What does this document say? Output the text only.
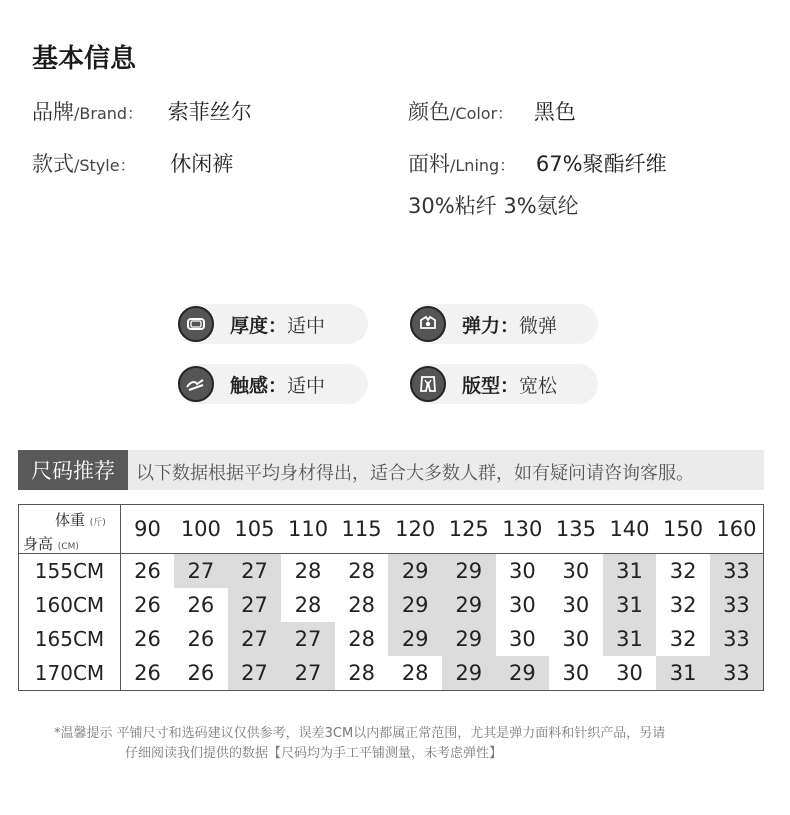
基本信息
品牌/Brand： 索菲丝尔	颜色/Color： 黑色
款式/Style： 休闲裤	面料/Lning： 67%聚酯纤维
30%粘纤 3%氨纶
厚度： 适中	弹力： 微弹
触感： 适中	版型： 宽松
尺码推荐	以下数据根据平均身材得出，适合大多数人群，如有疑问请咨询客服。
体重 (斤)
身高 (CM)	90	100	105	110	115	120	125	130	135	140	150	160
155CM	26	27	27	28	28	29	29	30	30	31	32	33
160CM	26	26	27	28	28	29	29	30	30	31	32	33
165CM	26	26	27	27	28	29	29	30	30	31	32	33
170CM	26	26	27	27	28	28	29	29	30	30	31	33
*温馨提示 平铺尺寸和选码建议仅供参考，误差3CM以内都属正常范围，尤其是弹力面料和针织产品，另请
仔细阅读我们提供的数据【尺码均为手工平铺测量，未考虑弹性】
